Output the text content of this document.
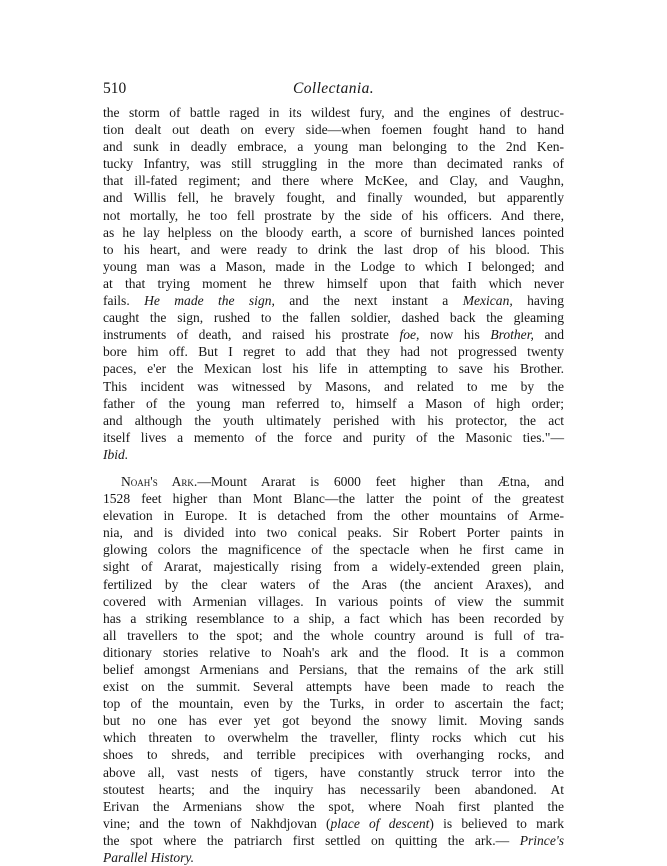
510	Collectania.
the storm of battle raged in its wildest fury, and the engines of destruc-
tion dealt out death on every side—when foemen fought hand to hand
and sunk in deadly embrace, a young man belonging to the 2nd Ken-
tucky Infantry, was still struggling in the more than decimated ranks of
that ill-fated regiment; and there where McKee, and Clay, and Vaughn,
and Willis fell, he bravely fought, and finally wounded, but apparently
not mortally, he too fell prostrate by the side of his officers. And there,
as he lay helpless on the bloody earth, a score of burnished lances pointed
to his heart, and were ready to drink the last drop of his blood. This
young man was a Mason, made in the Lodge to which I belonged; and
at that trying moment he threw himself upon that faith which never
fails. He made the sign, and the next instant a Mexican, having
caught the sign, rushed to the fallen soldier, dashed back the gleaming
instruments of death, and raised his prostrate foe, now his Brother, and
bore him off. But I regret to add that they had not progressed twenty
paces, e'er the Mexican lost his life in attempting to save his Brother.
This incident was witnessed by Masons, and related to me by the
father of the young man referred to, himself a Mason of high order;
and although the youth ultimately perished with his protector, the act
itself lives a memento of the force and purity of the Masonic ties."—
Ibid.
Noah's Ark.—Mount Ararat is 6000 feet higher than Ætna, and
1528 feet higher than Mont Blanc—the latter the point of the greatest
elevation in Europe. It is detached from the other mountains of Arme-
nia, and is divided into two conical peaks. Sir Robert Porter paints in
glowing colors the magnificence of the spectacle when he first came in
sight of Ararat, majestically rising from a widely-extended green plain,
fertilized by the clear waters of the Aras (the ancient Araxes), and
covered with Armenian villages. In various points of view the summit
has a striking resemblance to a ship, a fact which has been recorded by
all travellers to the spot; and the whole country around is full of tra-
ditionary stories relative to Noah's ark and the flood. It is a common
belief amongst Armenians and Persians, that the remains of the ark still
exist on the summit. Several attempts have been made to reach the
top of the mountain, even by the Turks, in order to ascertain the fact;
but no one has ever yet got beyond the snowy limit. Moving sands
which threaten to overwhelm the traveller, flinty rocks which cut his
shoes to shreds, and terrible precipices with overhanging rocks, and
above all, vast nests of tigers, have constantly struck terror into the
stoutest hearts; and the inquiry has necessarily been abandoned. At
Erivan the Armenians show the spot, where Noah first planted the
vine; and the town of Nakhdjovan (place of descent) is believed to mark
the spot where the patriarch first settled on quitting the ark.— Prince's
Parallel History.
